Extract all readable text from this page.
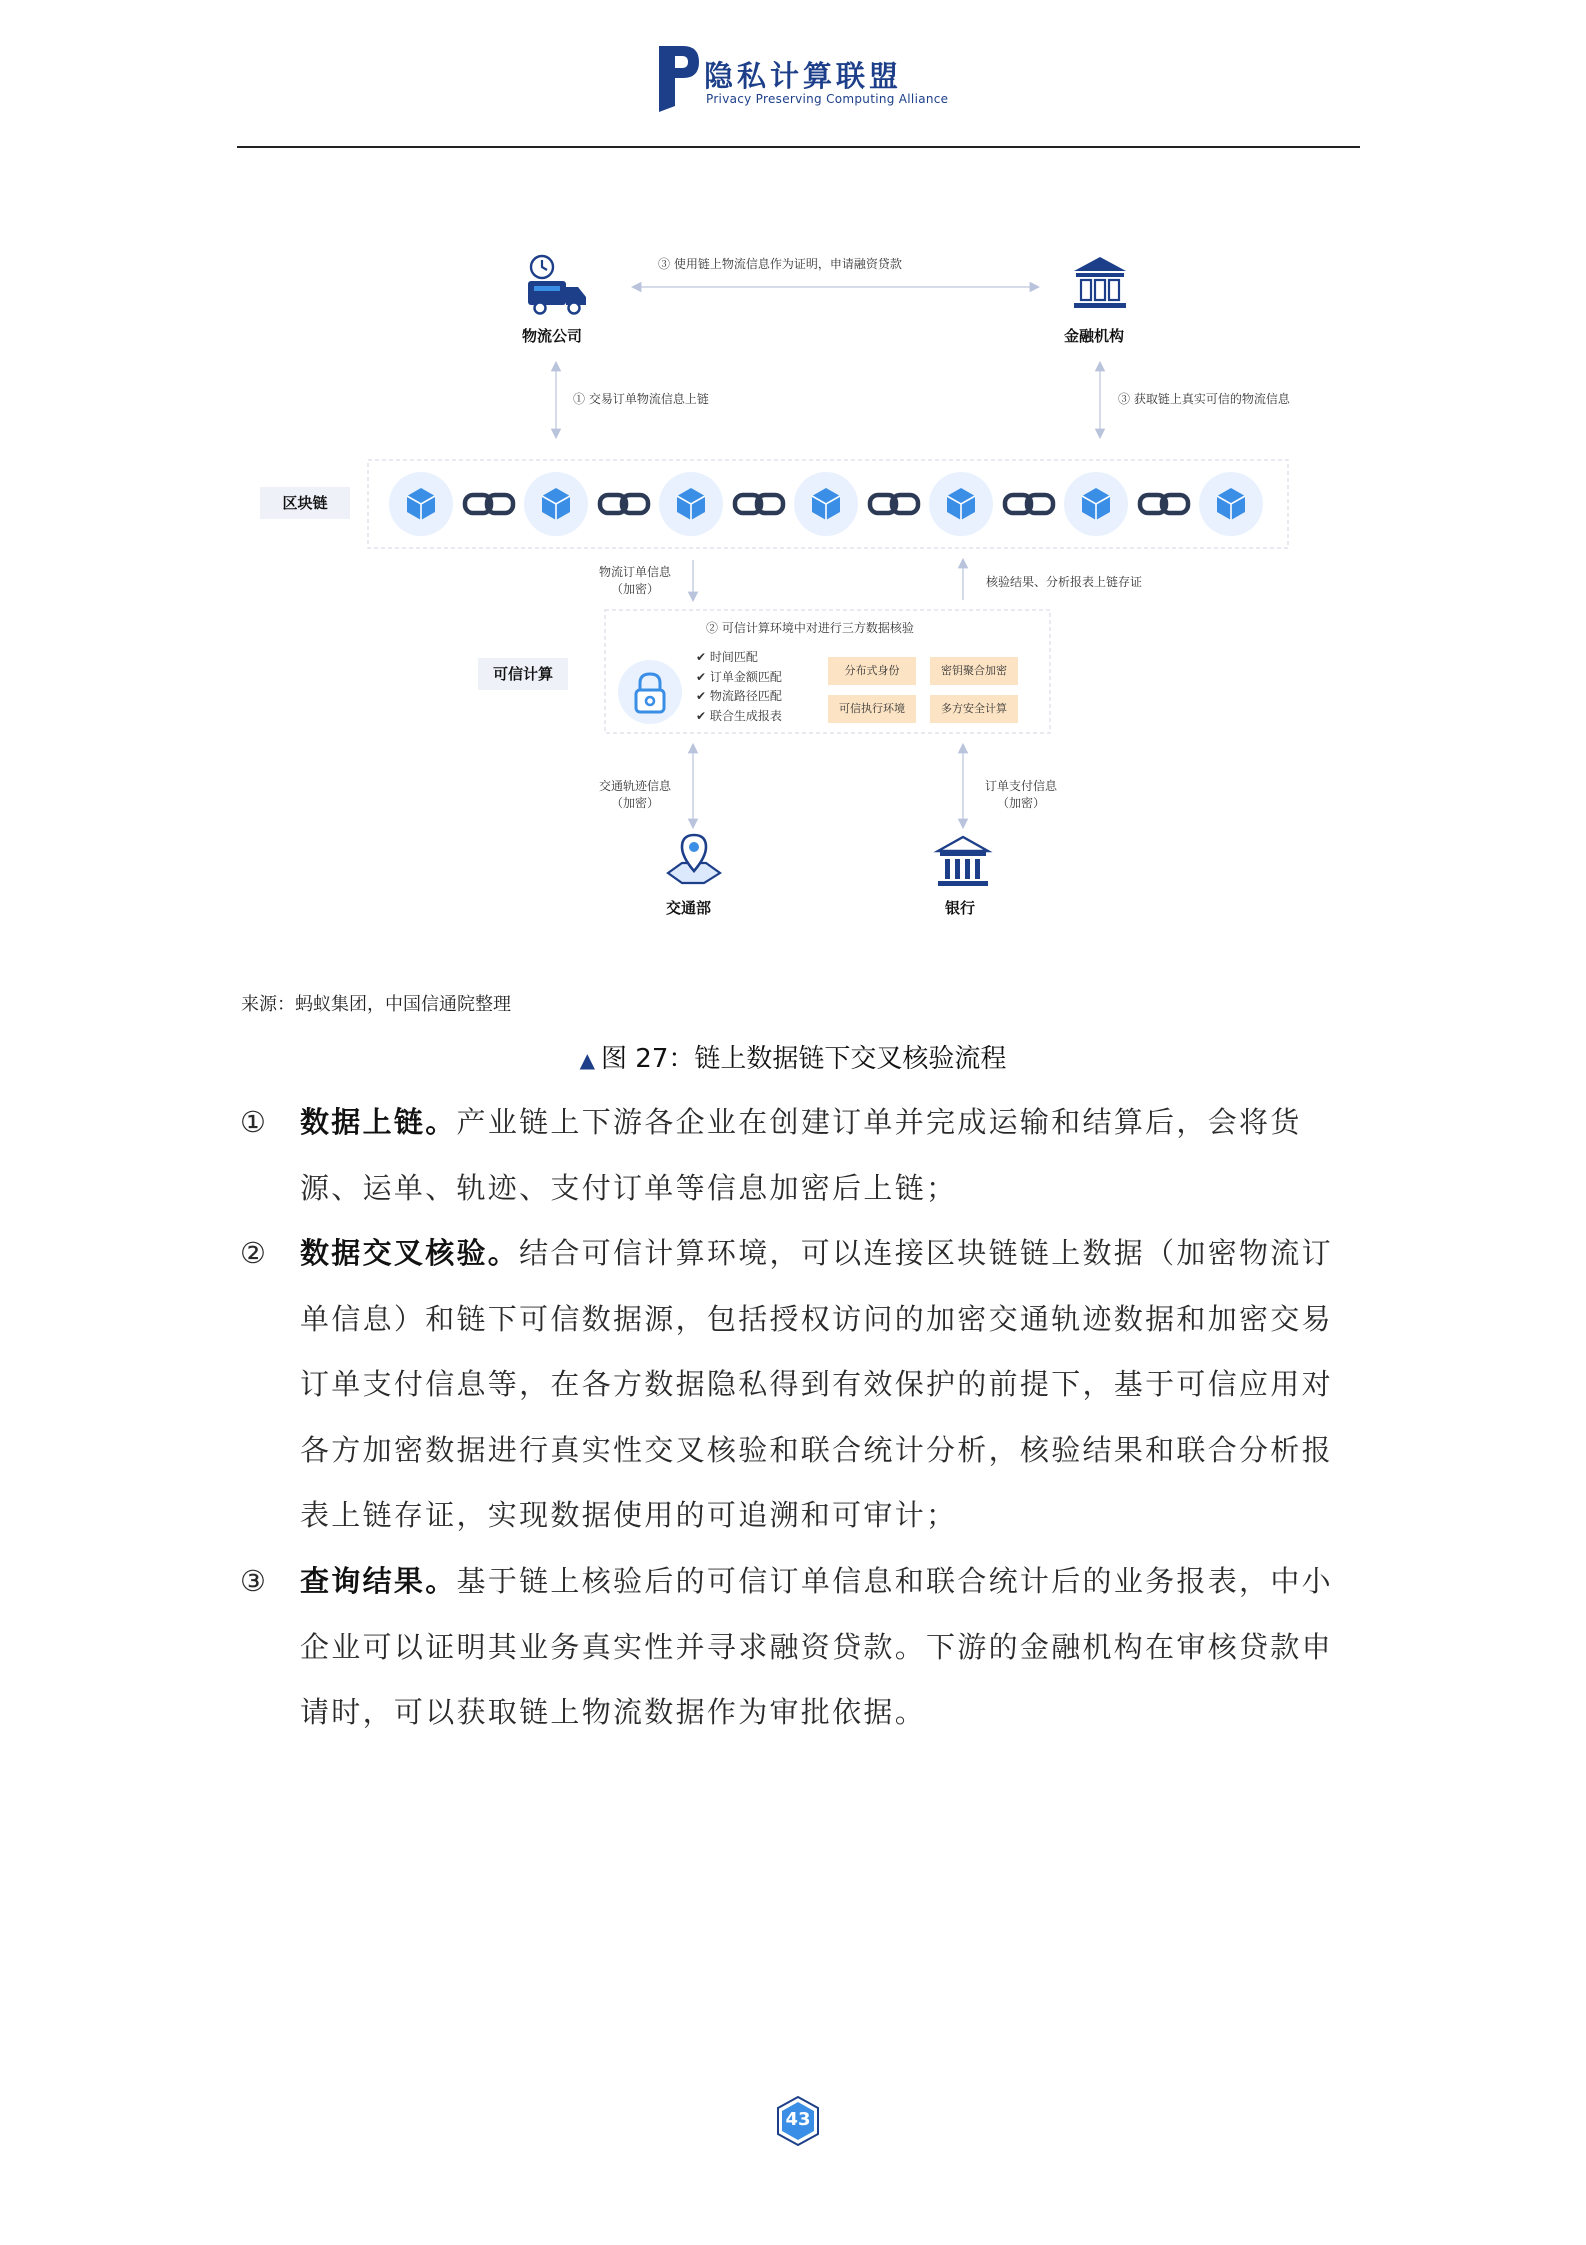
隐私计算联盟
Privacy Preserving Computing Alliance
③ 使用链上物流信息作为证明，申请融资贷款
物流公司	金融机构
① 交易订单物流信息上链	③ 获取链上真实可信的物流信息
区块链
物流订单信息
（加密）	核验结果、分析报表上链存证
可信计算
② 可信计算环境中对进行三方数据核验
✔ 时间匹配
✔ 订单金额匹配
✔ 物流路径匹配
✔ 联合生成报表
分布式身份	密钥聚合加密
可信执行环境	多方安全计算
交通轨迹信息
（加密）
订单支付信息
（加密）
交通部	银行
来源：蚂蚁集团，中国信通院整理
▲ 图 27：链上数据链下交叉核验流程
①	数据上链。产业链上下游各企业在创建订单并完成运输和结算后，会将货源、运单、轨迹、支付订单等信息加密后上链；
②	数据交叉核验。结合可信计算环境，可以连接区块链链上数据（加密物流订单信息）和链下可信数据源，包括授权访问的加密交通轨迹数据和加密交易订单支付信息等，在各方数据隐私得到有效保护的前提下，基于可信应用对各方加密数据进行真实性交叉核验和联合统计分析，核验结果和联合分析报表上链存证，实现数据使用的可追溯和可审计；
③	查询结果。基于链上核验后的可信订单信息和联合统计后的业务报表，中小企业可以证明其业务真实性并寻求融资贷款。下游的金融机构在审核贷款申请时，可以获取链上物流数据作为审批依据。
43
